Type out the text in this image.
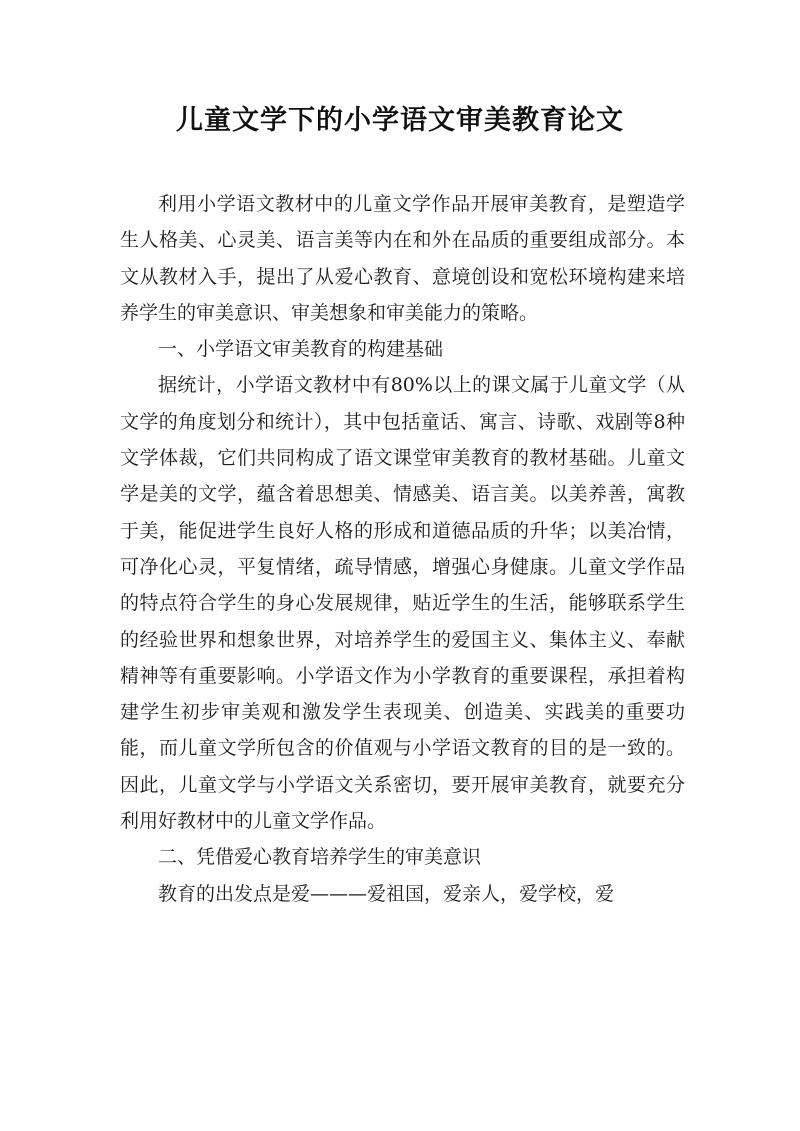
儿童文学下的小学语文审美教育论文

利用小学语文教材中的儿童文学作品开展审美教育，是塑造学生人格美、心灵美、语言美等内在和外在品质的重要组成部分。本文从教材入手，提出了从爱心教育、意境创设和宽松环境构建来培养学生的审美意识、审美想象和审美能力的策略。

一、小学语文审美教育的构建基础

据统计，小学语文教材中有80%以上的课文属于儿童文学（从文学的角度划分和统计），其中包括童话、寓言、诗歌、戏剧等8种文学体裁，它们共同构成了语文课堂审美教育的教材基础。儿童文学是美的文学，蕴含着思想美、情感美、语言美。以美养善，寓教于美，能促进学生良好人格的形成和道德品质的升华；以美冶情，可净化心灵，平复情绪，疏导情感，增强心身健康。儿童文学作品的特点符合学生的身心发展规律，贴近学生的生活，能够联系学生的经验世界和想象世界，对培养学生的爱国主义、集体主义、奉献精神等有重要影响。小学语文作为小学教育的重要课程，承担着构建学生初步审美观和激发学生表现美、创造美、实践美的重要功能，而儿童文学所包含的价值观与小学语文教育的目的是一致的。因此，儿童文学与小学语文关系密切，要开展审美教育，就要充分利用好教材中的儿童文学作品。

二、凭借爱心教育培养学生的审美意识

教育的出发点是爱———爱祖国，爱亲人，爱学校，爱
